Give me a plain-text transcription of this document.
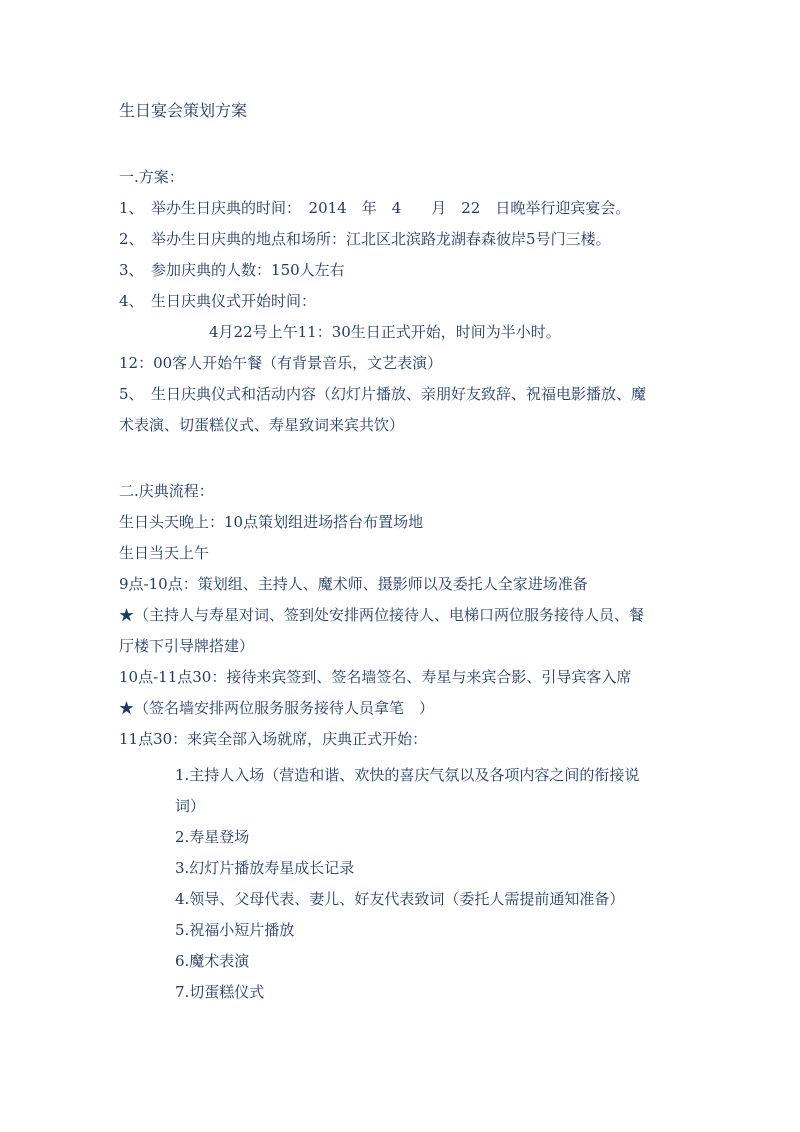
生日宴会策划方案
一.方案：
1、　举办生日庆典的时间：　2014　年　4　　月　22　日晚举行迎宾宴会。
2、　举办生日庆典的地点和场所：江北区北滨路龙湖春森彼岸5号门三楼。
3、　参加庆典的人数：150人左右
4、　生日庆典仪式开始时间：
4月22号上午11：30生日正式开始，时间为半小时。
12：00客人开始午餐（有背景音乐，文艺表演）
5、　生日庆典仪式和活动内容（幻灯片播放、亲朋好友致辞、祝福电影播放、魔
术表演、切蛋糕仪式、寿星致词来宾共饮）
二.庆典流程：
生日头天晚上：10点策划组进场搭台布置场地
生日当天上午
9点-10点：策划组、主持人、魔术师、摄影师以及委托人全家进场准备
★（主持人与寿星对词、签到处安排两位接待人、电梯口两位服务接待人员、餐
厅楼下引导牌搭建）
10点-11点30：接待来宾签到、签名墙签名、寿星与来宾合影、引导宾客入席
★（签名墙安排两位服务服务接待人员拿笔　）
11点30：来宾全部入场就席，庆典正式开始：
1.主持人入场（营造和谐、欢快的喜庆气氛以及各项内容之间的衔接说
词）
2.寿星登场
3.幻灯片播放寿星成长记录
4.领导、父母代表、妻儿、好友代表致词（委托人需提前通知准备）
5.祝福小短片播放
6.魔术表演
7.切蛋糕仪式
